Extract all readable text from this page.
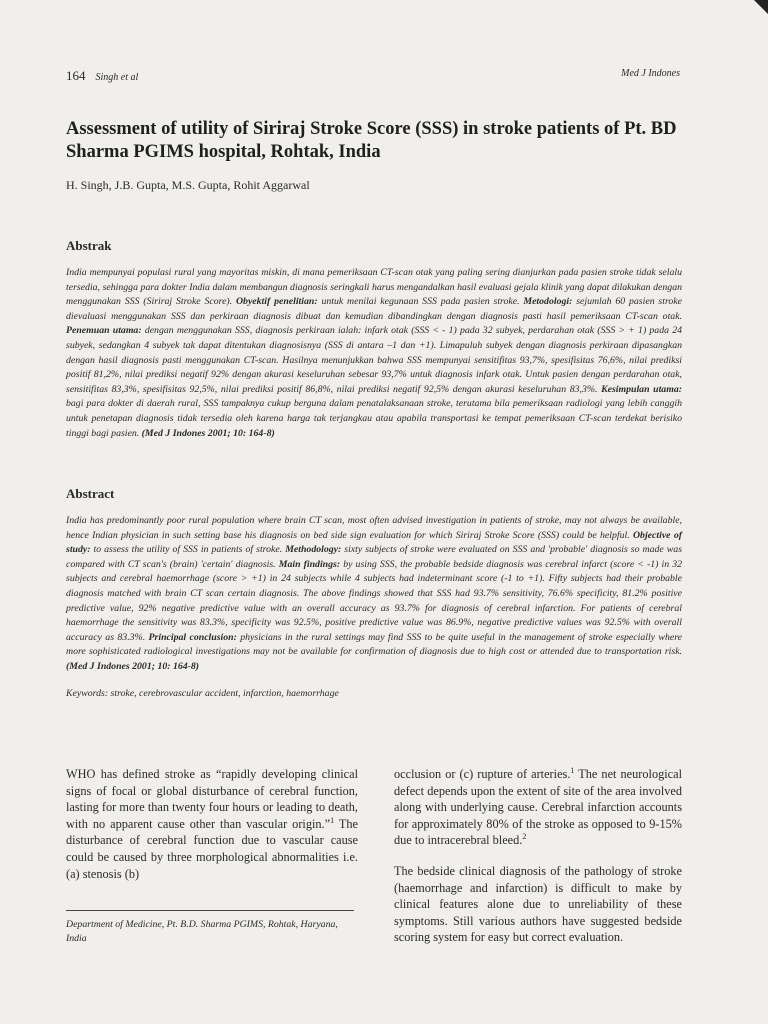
164 Singh et al	Med J Indones
Assessment of utility of Siriraj Stroke Score (SSS) in stroke patients of Pt. BD Sharma PGIMS hospital, Rohtak, India
H. Singh, J.B. Gupta, M.S. Gupta, Rohit Aggarwal
Abstrak

India mempunyai populasi rural yang mayoritas miskin, di mana pemeriksaan CT-scan otak yang paling sering dianjurkan pada pasien stroke tidak selalu tersedia, sehingga para dokter India dalam membangun diagnosis seringkali harus mengandalkan hasil evaluasi gejala klinik yang dapat dilakukan dengan menggunakan SSS (Siriraj Stroke Score). Obyektif penelitian: untuk menilai kegunaan SSS pada pasien stroke. Metodologi: sejumlah 60 pasien stroke dievaluasi menggunakan SSS dan perkiraan diagnosis dibuat dan kemudian dibandingkan dengan diagnosis pasti hasil pemeriksaan CT-scan otak. Penemuan utama: dengan menggunakan SSS, diagnosis perkiraan ialah: infark otak (SSS < - 1) pada 32 subyek, perdarahan otak (SSS > + 1) pada 24 subyek, sedangkan 4 subyek tak dapat ditentukan diagnosisnya (SSS di antara –1 dan +1). Limapuluh subyek dengan diagnosis perkiraan dipasangkan dengan hasil diagnosis pasti menggunakan CT-scan. Hasilnya menunjukkan bahwa SSS mempunyai sensitifitas 93,7%, spesifisitas 76,6%, nilai prediksi positif 81,2%, nilai prediksi negatif 92% dengan akurasi keseluruhan sebesar 93,7% untuk diagnosis infark otak. Untuk pasien dengan perdarahan otak, sensitifitas 83,3%, spesifisitas 92,5%, nilai prediksi positif 86,8%, nilai prediksi negatif 92,5% dengan akurasi keseluruhan 83,3%. Kesimpulan utama: bagi para dokter di daerah rural, SSS tampaknya cukup berguna dalam penatalaksanaan stroke, terutama bila pemeriksaan radiologi yang lebih canggih untuk penetapan diagnosis tidak tersedia oleh karena harga tak terjangkau atau apabila transportasi ke tempat pemeriksaan CT-scan terdekat berisiko tinggi bagi pasien. (Med J Indones 2001; 10: 164-8)

Abstract

India has predominantly poor rural population where brain CT scan, most often advised investigation in patients of stroke, may not always be available, hence Indian physician in such setting base his diagnosis on bed side sign evaluation for which Siriraj Stroke Score (SSS) could be helpful. Objective of study: to assess the utility of SSS in patients of stroke. Methodology: sixty subjects of stroke were evaluated on SSS and 'probable' diagnosis so made was compared with CT scan's (brain) 'certain' diagnosis. Main findings: by using SSS, the probable bedside diagnosis was cerebral infarct (score < -1) in 32 subjects and cerebral haemorrhage (score > +1) in 24 subjects while 4 subjects had indeterminant score (-1 to +1). Fifty subjects had their probable diagnosis matched with brain CT scan certain diagnosis. The above findings showed that SSS had 93.7% sensitivity, 76.6% specificity, 81.2% positive predictive value, 92% negative predictive value with an overall accuracy as 93.7% for diagnosis of cerebral infarction. For patients of cerebral haemorrhage the sensitivity was 83.3%, specificity was 92.5%, positive predictive value was 86.9%, negative predictive values was 92.5% with overall accuracy as 83.3%. Principal conclusion: physicians in the rural settings may find SSS to be quite useful in the management of stroke especially where more sophisticated radiological investigations may not be available for confirmation of diagnosis due to high cost or attended due to transportation risk. (Med J Indones 2001; 10: 164-8)

Keywords: stroke, cerebrovascular accident, infarction, haemorrhage

WHO has defined stroke as “rapidly developing clinical signs of focal or global disturbance of cerebral function, lasting for more than twenty four hours or leading to death, with no apparent cause other than vascular origin.”$^1$ The disturbance of cerebral function due to vascular cause could be caused by three morphological abnormalities i.e. (a) stenosis (b)

occlusion or (c) rupture of arteries.$^1$ The net neurological defect depends upon the extent of site of the area involved along with underlying cause. Cerebral infarction accounts for approximately 80% of the stroke as opposed to 9-15% due to intracerebral bleed.$^2$

The bedside clinical diagnosis of the pathology of stroke (haemorrhage and infarction) is difficult to make by clinical features alone due to unreliability of these symptoms. Still various authors have suggested bedside scoring system for easy but correct evaluation.

Department of Medicine, Pt. B.D. Sharma PGIMS, Rohtak, Haryana, India
